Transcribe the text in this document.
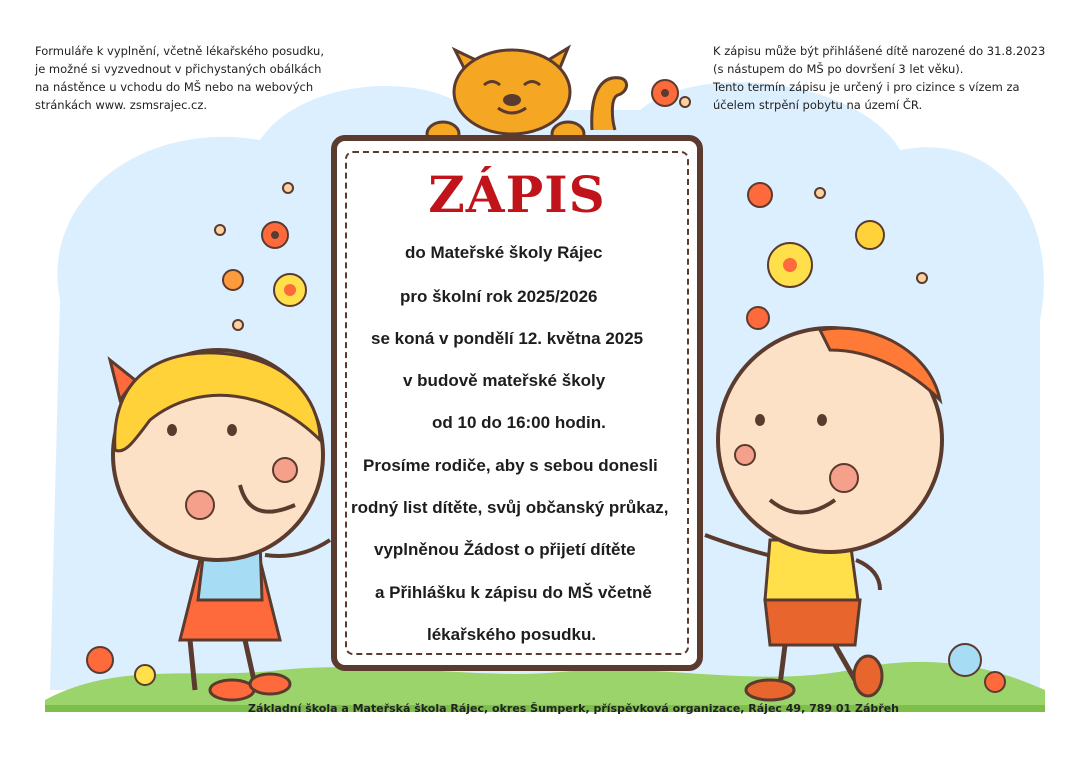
Formuláře k vyplnění, včetně lékařského posudku,
je možné si vyzvednout v přichystaných obálkách
na nástěnce u vchodu do MŠ nebo na webových
stránkách www. zsmsrajec.cz.
K zápisu může být přihlášené dítě narozené do 31.8.2023
(s nástupem do MŠ po dovršení 3 let věku).
Tento termín zápisu je určený i pro cizince s vízem za
účelem strpění pobytu na území ČR.
ZÁPIS
do Mateřské školy Rájec
pro školní rok 2025/2026
se koná v pondělí 12. května 2025
v budově mateřské školy
od 10 do 16:00 hodin.
Prosíme rodiče, aby s sebou donesli
rodný list dítěte, svůj občanský průkaz,
vyplněnou Žádost o přijetí dítěte
a Přihlášku k zápisu do MŠ včetně
lékařského posudku.
Základní škola a Mateřská škola Rájec, okres Šumperk, příspěvková organizace, Rájec 49, 789 01 Zábřeh
